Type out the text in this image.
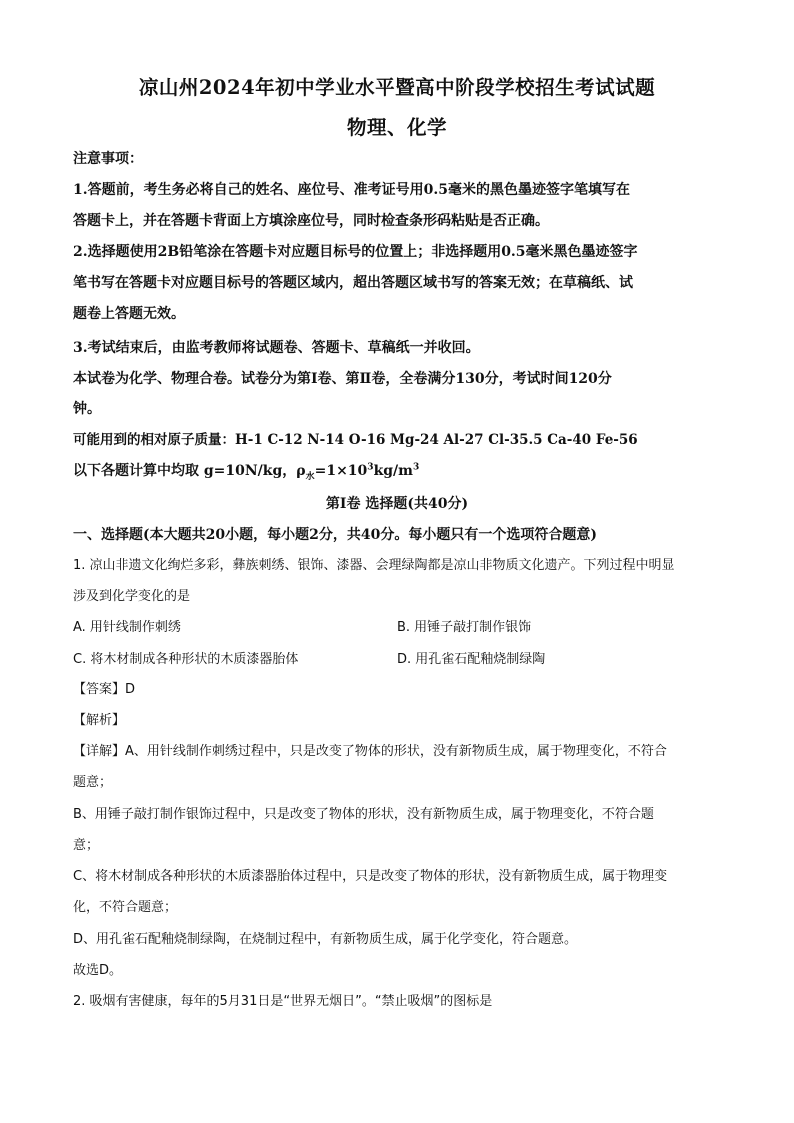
凉山州2024年初中学业水平暨高中阶段学校招生考试试题
物理、化学
注意事项：
1.答题前，考生务必将自己的姓名、座位号、准考证号用0.5毫米的黑色墨迹签字笔填写在
答题卡上，并在答题卡背面上方填涂座位号，同时检查条形码粘贴是否正确。
2.选择题使用2B铅笔涂在答题卡对应题目标号的位置上；非选择题用0.5毫米黑色墨迹签字
笔书写在答题卡对应题目标号的答题区域内，超出答题区域书写的答案无效；在草稿纸、试
题卷上答题无效。
3.考试结束后，由监考教师将试题卷、答题卡、草稿纸一并收回。
本试卷为化学、物理合卷。试卷分为第Ⅰ卷、第Ⅱ卷，全卷满分130分，考试时间120分
钟。
可能用到的相对原子质量：H-1 C-12 N-14 O-16 Mg-24 Al-27 Cl-35.5 Ca-40 Fe-56
以下各题计算中均取 g=10N/kg，$\rho_水=1\times 10^3kg/m^3$
第Ⅰ卷 选择题(共40分)
一、选择题(本大题共20小题，每小题2分，共40分。每小题只有一个选项符合题意)
1. 凉山非遗文化绚烂多彩，彝族刺绣、银饰、漆器、会理绿陶都是凉山非物质文化遗产。下列过程中明显
涉及到化学变化的是
A. 用针线制作刺绣	B. 用锤子敲打制作银饰
C. 将木材制成各种形状的木质漆器胎体	D. 用孔雀石配釉烧制绿陶
【答案】D
【解析】
【详解】A、用针线制作刺绣过程中，只是改变了物体的形状，没有新物质生成，属于物理变化，不符合
题意；
B、用锤子敲打制作银饰过程中，只是改变了物体的形状，没有新物质生成，属于物理变化，不符合题
意；
C、将木材制成各种形状的木质漆器胎体过程中，只是改变了物体的形状，没有新物质生成，属于物理变
化，不符合题意；
D、用孔雀石配釉烧制绿陶，在烧制过程中，有新物质生成，属于化学变化，符合题意。
故选D。
2. 吸烟有害健康，每年的5月31日是“世界无烟日”。“禁止吸烟”的图标是
